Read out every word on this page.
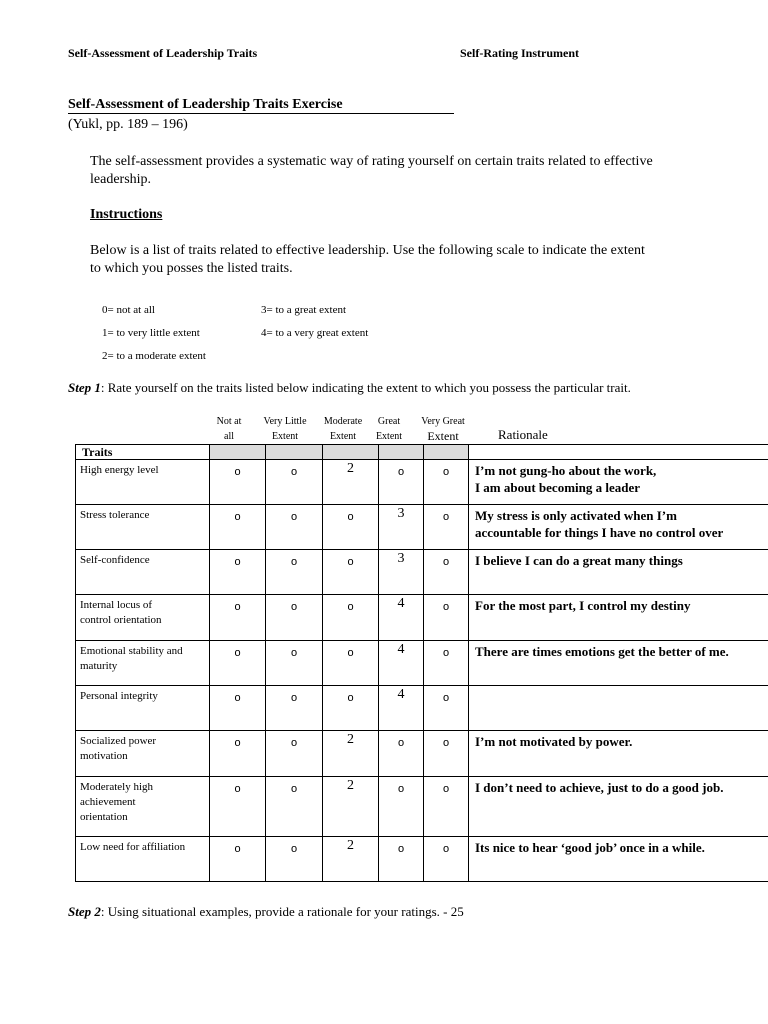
Self-Assessment of Leadership Traits	Self-Rating Instrument
Self-Assessment of Leadership Traits Exercise
(Yukl, pp. 189 – 196)
The self-assessment provides a systematic way of rating yourself on certain traits related to effective
leadership.
Instructions
Below is a list of traits related to effective leadership. Use the following scale to indicate the extent
to which you posses the listed traits.
0= not at all
1= to very little extent
2= to a moderate extent
3= to a great extent
4= to a very great extent
Step 1: Rate yourself on the traits listed below indicating the extent to which you possess the particular trait.
Not at
all
Very Little
Extent
Moderate
Extent
Great
Extent
Very Great
Extent	Rationale
Traits						

High energy level	o	o	2	o	o	I’m not gung-ho about the work,
I am about becoming a leader

Stress tolerance	o	o	o	3	o	My stress is only activated when I’m
accountable for things I have no control over

Self-confidence	o	o	o	3	o	I believe I can do a great many things

Internal locus of
control orientation	o	o	o	4	o	For the most part, I control my destiny

Emotional stability and
maturity	o	o	o	4	o	There are times emotions get the better of me.

Personal integrity	o	o	o	4	o	

Socialized power
motivation	o	o	2	o	o	I’m not motivated by power.

Moderately high
achievement
orientation	o	o	2	o	o	I don’t need to achieve, just to do a good job.

Low need for affiliation	o	o	2	o	o	Its nice to hear ‘good job’ once in a while.
Step 2: Using situational examples, provide a rationale for your ratings. - 25
